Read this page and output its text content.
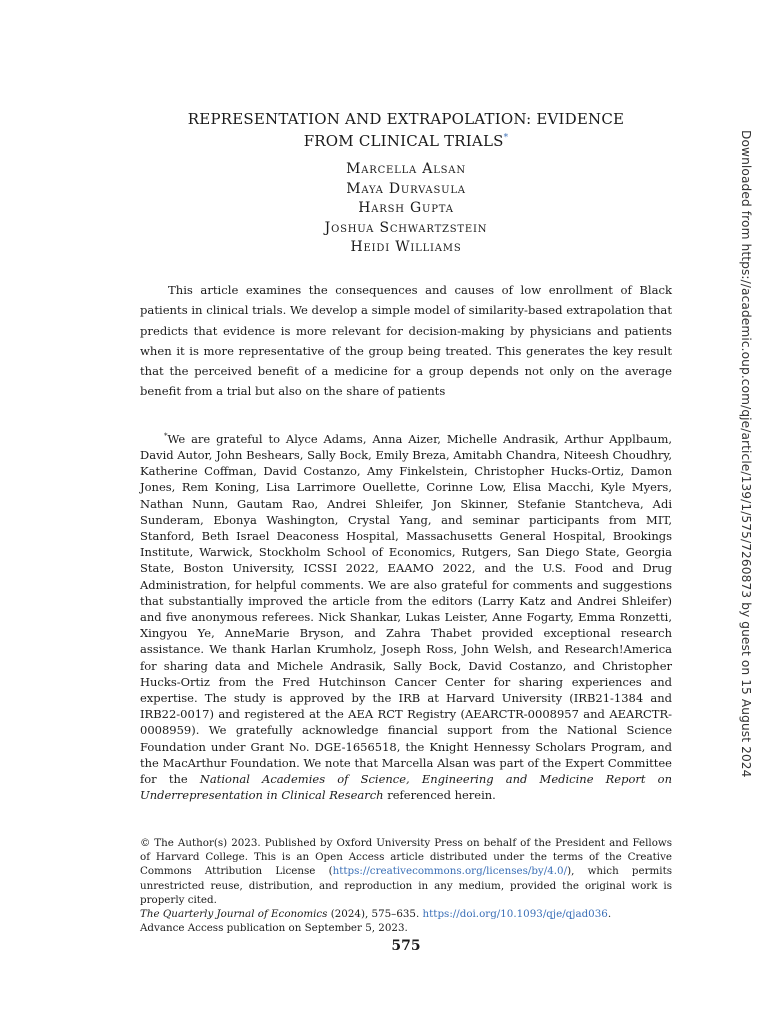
REPRESENTATION AND EXTRAPOLATION: EVIDENCE
FROM CLINICAL TRIALS*
Marcella Alsan
Maya Durvasula
Harsh Gupta
Joshua Schwartzstein
Heidi Williams

This article examines the consequences and causes of low enrollment of Black patients in clinical trials. We develop a simple model of similarity-based extrapolation that predicts that evidence is more relevant for decision-making by physicians and patients when it is more representative of the group being treated. This generates the key result that the perceived benefit of a medicine for a group depends not only on the average benefit from a trial but also on the share of patients

*We are grateful to Alyce Adams, Anna Aizer, Michelle Andrasik, Arthur Applbaum, David Autor, John Beshears, Sally Bock, Emily Breza, Amitabh Chandra, Niteesh Choudhry, Katherine Coffman, David Costanzo, Amy Finkelstein, Christopher Hucks-Ortiz, Damon Jones, Rem Koning, Lisa Larrimore Ouellette, Corinne Low, Elisa Macchi, Kyle Myers, Nathan Nunn, Gautam Rao, Andrei Shleifer, Jon Skinner, Stefanie Stantcheva, Adi Sunderam, Ebonya Washington, Crystal Yang, and seminar participants from MIT, Stanford, Beth Israel Deaconess Hospital, Massachusetts General Hospital, Brookings Institute, Warwick, Stockholm School of Economics, Rutgers, San Diego State, Georgia State, Boston University, ICSSI 2022, EAAMO 2022, and the U.S. Food and Drug Administration, for helpful comments. We are also grateful for comments and suggestions that substantially improved the article from the editors (Larry Katz and Andrei Shleifer) and five anonymous referees. Nick Shankar, Lukas Leister, Anne Fogarty, Emma Ronzetti, Xingyou Ye, AnneMarie Bryson, and Zahra Thabet provided exceptional research assistance. We thank Harlan Krumholz, Joseph Ross, John Welsh, and Research!America for sharing data and Michele Andrasik, Sally Bock, David Costanzo, and Christopher Hucks-Ortiz from the Fred Hutchinson Cancer Center for sharing experiences and expertise. The study is approved by the IRB at Harvard University (IRB21-1384 and IRB22-0017) and registered at the AEA RCT Registry (AEARCTR-0008957 and AEARCTR-0008959). We gratefully acknowledge financial support from the National Science Foundation under Grant No. DGE-1656518, the Knight Hennessy Scholars Program, and the MacArthur Foundation. We note that Marcella Alsan was part of the Expert Committee for the National Academies of Science, Engineering and Medicine Report on Underrepresentation in Clinical Research referenced herein.

© The Author(s) 2023. Published by Oxford University Press on behalf of the President and Fellows of Harvard College. This is an Open Access article distributed under the terms of the Creative Commons Attribution License (https://creativecommons.org/licenses/by/4.0/), which permits unrestricted reuse, distribution, and reproduction in any medium, provided the original work is properly cited.
The Quarterly Journal of Economics (2024), 575–635. https://doi.org/10.1093/qje/qjad036.
Advance Access publication on September 5, 2023.

575
Downloaded from https://academic.oup.com/qje/article/139/1/575/7260873 by guest on 15 August 2024
